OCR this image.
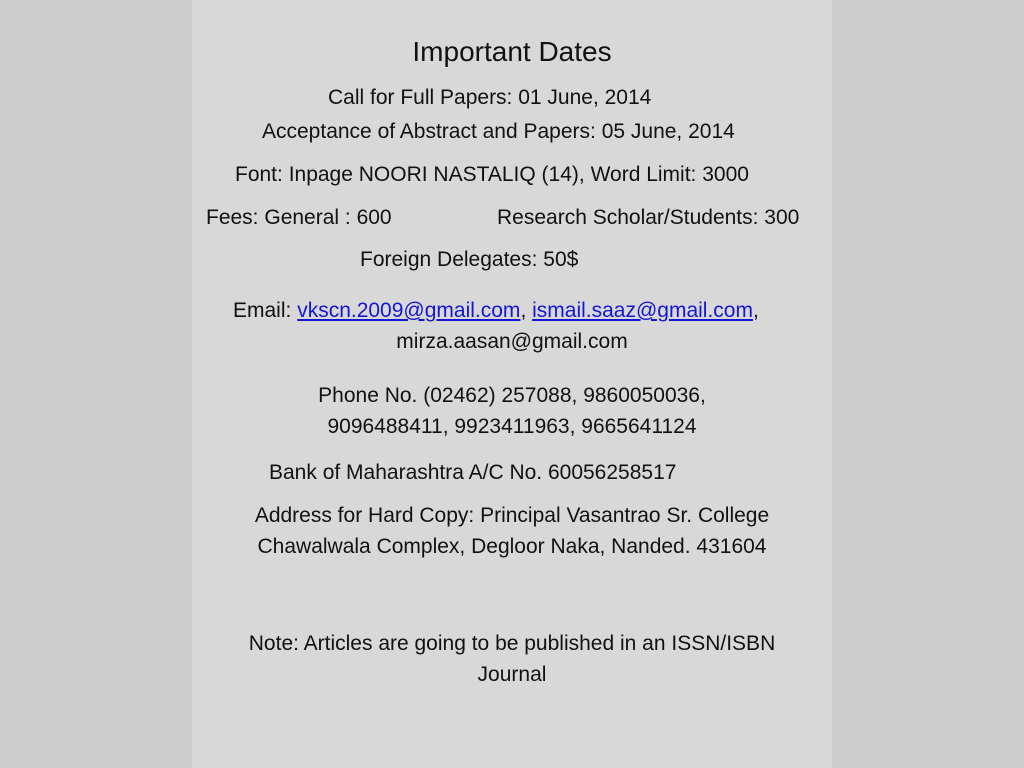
Important Dates
Call for Full Papers: 01 June, 2014
Acceptance of Abstract and Papers: 05 June, 2014
Font: Inpage NOORI NASTALIQ (14), Word Limit: 3000
Fees: General : 600	Research Scholar/Students: 300
Foreign Delegates: 50$
Email: vkscn.2009@gmail.com, ismail.saaz@gmail.com,
mirza.aasan@gmail.com
Phone No. (02462) 257088, 9860050036,
9096488411, 9923411963, 9665641124
Bank of Maharashtra A/C No. 60056258517
Address for Hard Copy: Principal Vasantrao Sr. College
Chawalwala Complex, Degloor Naka, Nanded. 431604
Note: Articles are going to be published in an ISSN/ISBN
Journal
